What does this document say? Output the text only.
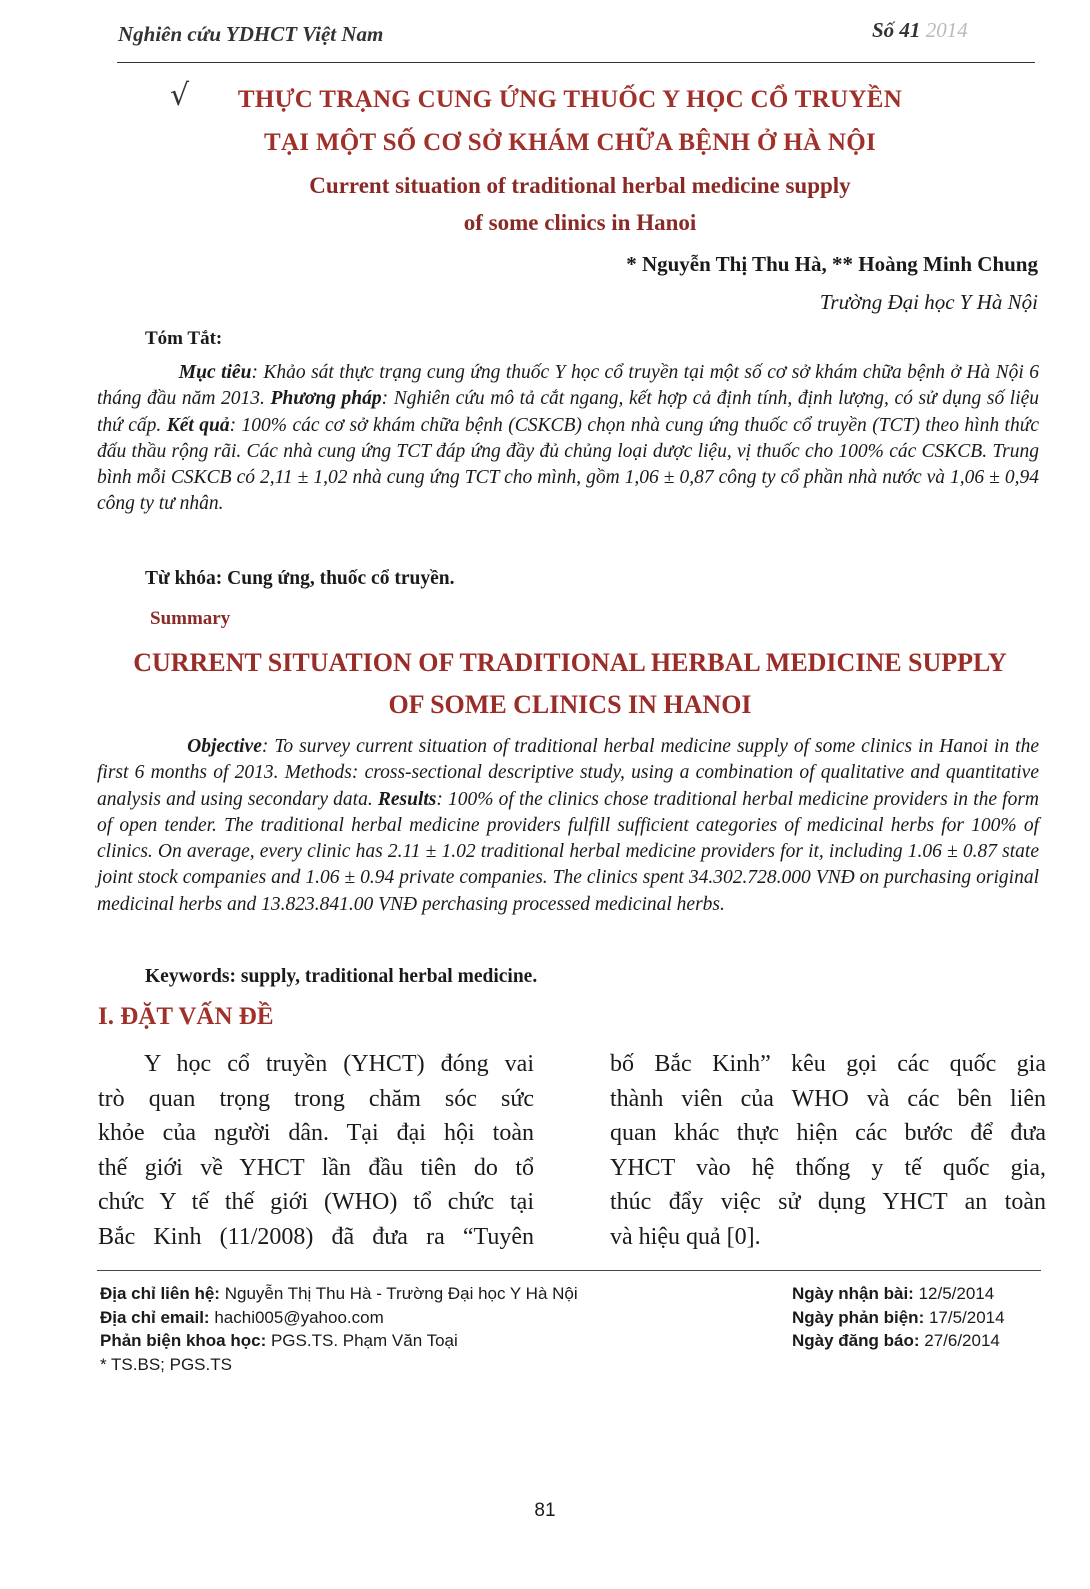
Nghiên cứu YDHCT Việt Nam	Số 41 2014
√	THỰC TRẠNG CUNG ỨNG THUỐC Y HỌC CỔ TRUYỀN
TẠI MỘT SỐ CƠ SỞ KHÁM CHỮA BỆNH Ở HÀ NỘI
Current situation of traditional herbal medicine supply
of some clinics in Hanoi
* Nguyễn Thị Thu Hà, ** Hoàng Minh Chung
Trường Đại học Y Hà Nội
Tóm Tắt:
Mục tiêu: Khảo sát thực trạng cung ứng thuốc Y học cổ truyền tại một số cơ sở khám chữa bệnh ở Hà Nội 6 tháng đầu năm 2013. Phương pháp: Nghiên cứu mô tả cắt ngang, kết hợp cả định tính, định lượng, có sử dụng số liệu thứ cấp. Kết quả: 100% các cơ sở khám chữa bệnh (CSKCB) chọn nhà cung ứng thuốc cổ truyền (TCT) theo hình thức đấu thầu rộng rãi. Các nhà cung ứng TCT đáp ứng đầy đủ chủng loại dược liệu, vị thuốc cho 100% các CSKCB. Trung bình mỗi CSKCB có 2,11 ± 1,02 nhà cung ứng TCT cho mình, gồm 1,06 ± 0,87 công ty cổ phần nhà nước và 1,06 ± 0,94 công ty tư nhân.
Từ khóa: Cung ứng, thuốc cổ truyền.
Summary
CURRENT SITUATION OF TRADITIONAL HERBAL MEDICINE SUPPLY
OF SOME CLINICS IN HANOI
Objective: To survey current situation of traditional herbal medicine supply of some clinics in Hanoi in the first 6 months of 2013. Methods: cross-sectional descriptive study, using a combination of qualitative and quantitative analysis and using secondary data. Results: 100% of the clinics chose traditional herbal medicine providers in the form of open tender. The traditional herbal medicine providers fulfill sufficient categories of medicinal herbs for 100% of clinics. On average, every clinic has 2.11 ± 1.02 traditional herbal medicine providers for it, including 1.06 ± 0.87 state joint stock companies and 1.06 ± 0.94 private companies. The clinics spent 34.302.728.000 VNĐ on purchasing original medicinal herbs and 13.823.841.00 VNĐ perchasing processed medicinal herbs.
Keywords: supply, traditional herbal medicine.
I. ĐẶT VẤN ĐỀ

Y học cổ truyền (YHCT) đóng vai

trò quan trọng trong chăm sóc sức

khỏe của người dân. Tại đại hội toàn

thế giới về YHCT lần đầu tiên do tổ

chức Y tế thế giới (WHO) tổ chức tại

Bắc Kinh (11/2008) đã đưa ra “Tuyên

bố Bắc Kinh” kêu gọi các quốc gia

thành viên của WHO và các bên liên

quan khác thực hiện các bước để đưa

YHCT vào hệ thống y tế quốc gia,

thúc đẩy việc sử dụng YHCT an toàn

và hiệu quả [0].

Địa chỉ liên hệ: Nguyễn Thị Thu Hà - Trường Đại học Y Hà Nội
Địa chỉ email: hachi005@yahoo.com
Phản biện khoa học: PGS.TS. Phạm Văn Toại
* TS.BS; PGS.TS
Ngày nhận bài: 12/5/2014
Ngày phản biện: 17/5/2014
Ngày đăng báo: 27/6/2014
81
